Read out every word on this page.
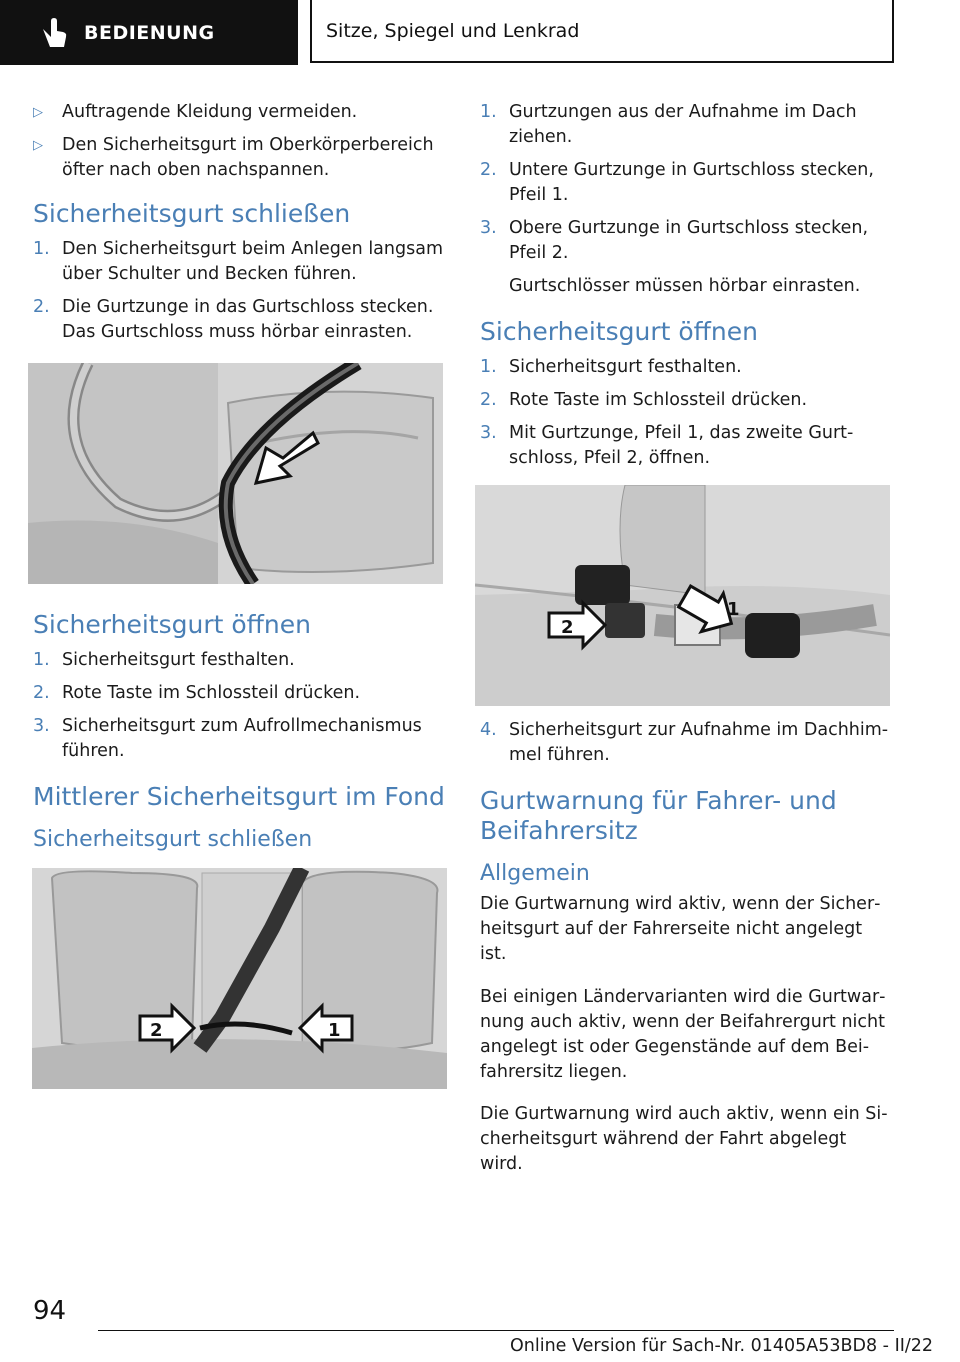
BEDIENUNG	Sitze, Spiegel und Lenkrad
▷ Auftragende Kleidung vermeiden.
▷ Den Sicherheitsgurt im Oberkörperbereich öfter nach oben nachspannen.
Sicherheitsgurt schließen
1. Den Sicherheitsgurt beim Anlegen langsam über Schulter und Becken führen.
2. Die Gurtzunge in das Gurtschloss stecken. Das Gurtschloss muss hörbar einrasten.
Sicherheitsgurt öffnen
1. Sicherheitsgurt festhalten.
2. Rote Taste im Schlossteil drücken.
3. Sicherheitsgurt zum Aufrollmechanismus führen.
Mittlerer Sicherheitsgurt im Fond
Sicherheitsgurt schließen
2	1
1. Gurtzungen aus der Aufnahme im Dach ziehen.
2. Untere Gurtzunge in Gurtschloss stecken, Pfeil 1.
3. Obere Gurtzunge in Gurtschloss stecken, Pfeil 2.
Gurtschlösser müssen hörbar einrasten.
Sicherheitsgurt öffnen
1. Sicherheitsgurt festhalten.
2. Rote Taste im Schlossteil drücken.
3. Mit Gurtzunge, Pfeil 1, das zweite Gurtschloss, Pfeil 2, öffnen.
2
1
4. Sicherheitsgurt zur Aufnahme im Dachhimmel führen.
Gurtwarnung für Fahrer- und Beifahrersitz
Allgemein

Die Gurtwarnung wird aktiv, wenn der Sicherheitsgurt auf der Fahrerseite nicht angelegt ist.

Bei einigen Ländervarianten wird die Gurtwarnung auch aktiv, wenn der Beifahrergurt nicht angelegt ist oder Gegenstände auf dem Beifahrersitz liegen.

Die Gurtwarnung wird auch aktiv, wenn ein Sicherheitsgurt während der Fahrt abgelegt wird.

94
Online Version für Sach-Nr. 01405A53BD8 - II/22
